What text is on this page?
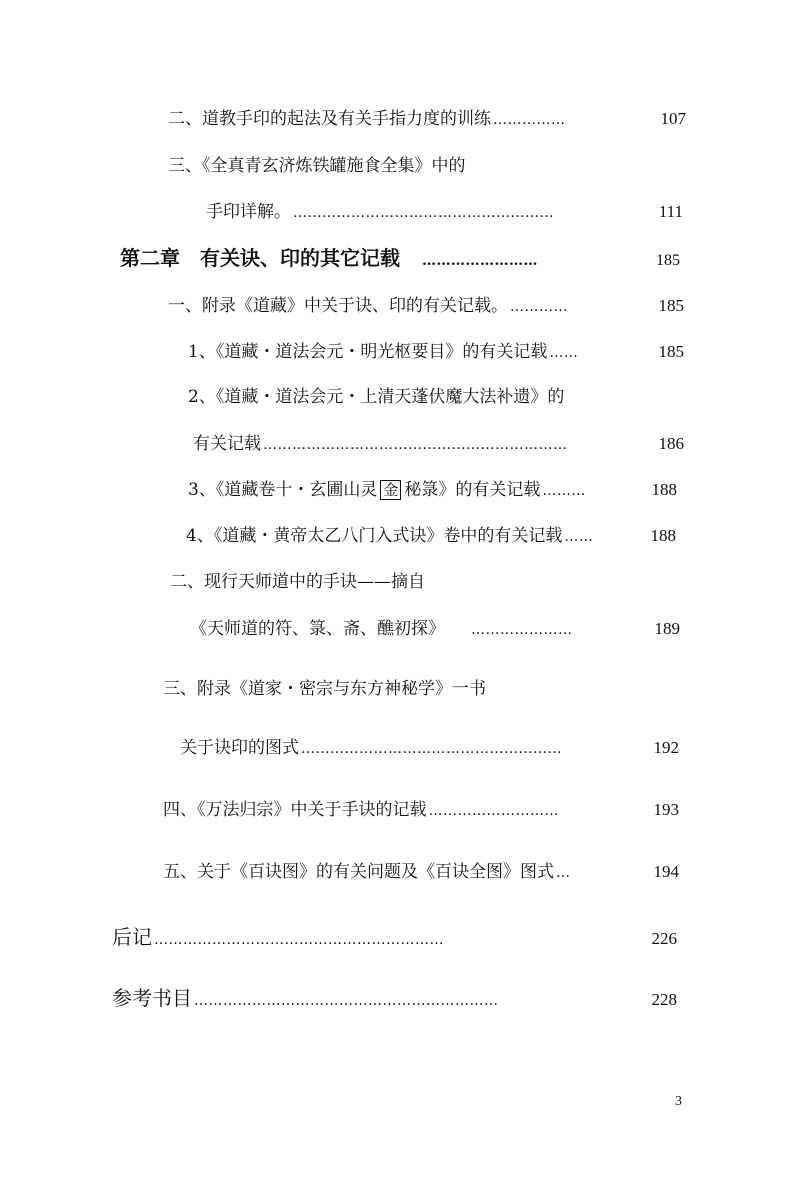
二、道教手印的起法及有关手指力度的训练 ……………	107
三、《全真青玄济炼铁罐施食全集》中的
手印详解。 ………………………………………………	111
第二章　有关诀、印的其它记载 ……………………	185
一、附录《道藏》中关于诀、印的有关记载。 …………	185
1、《道藏・道法会元・明光枢要目》的有关记载 ……	185
2、《道藏・道法会元・上清天蓬伏魔大法补遗》的
有关记载 ………………………………………………………	186
3、《道藏卷十・玄圃山灵 金 秘箓》的有关记载 ………	188
4、《道藏・黄帝太乙八门入式诀》卷中的有关记载 ……	188
二、现行天师道中的手诀——摘自
《天师道的符、箓、斋、醮初探》 …………………	189
三、附录《道家・密宗与东方神秘学》一书
关于诀印的图式 ………………………………………………	192
四、《万法归宗》中关于手诀的记载 ………………………	193
五、关于《百诀图》的有关问题及《百诀全图》图式 …	194
后记 ……………………………………………………	226
参考书目 ………………………………………………………	228
3
